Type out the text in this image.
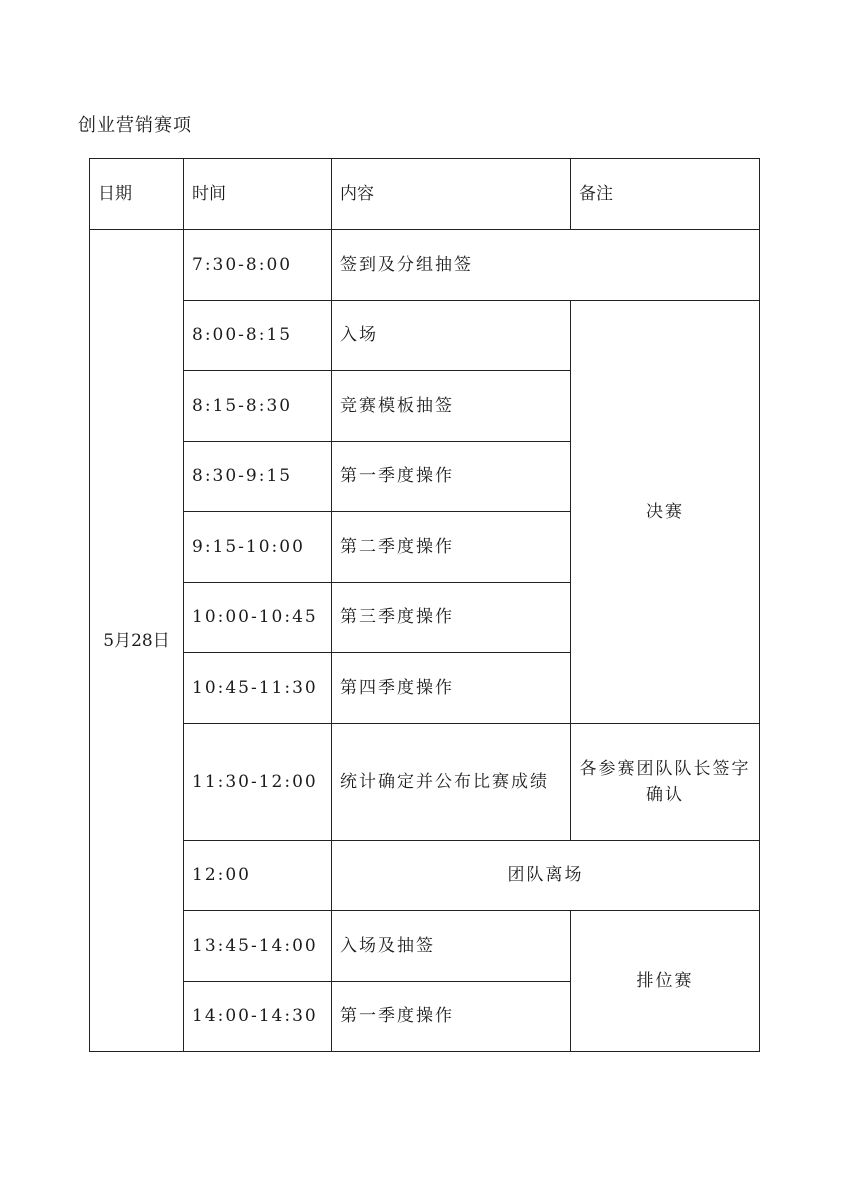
创业营销赛项
日期	时间	内容	备注
5月28日	7:30-8:00	签到及分组抽签	
	8:00-8:15	入场	决赛
	8:15-8:30	竞赛模板抽签	
	8:30-9:15	第一季度操作	
	9:15-10:00	第二季度操作	
	10:00-10:45	第三季度操作	
	10:45-11:30	第四季度操作	
	11:30-12:00	统计确定并公布比赛成绩	各参赛团队队长签字确认
	12:00	团队离场	
	13:45-14:00	入场及抽签	排位赛
	14:00-14:30	第一季度操作	
